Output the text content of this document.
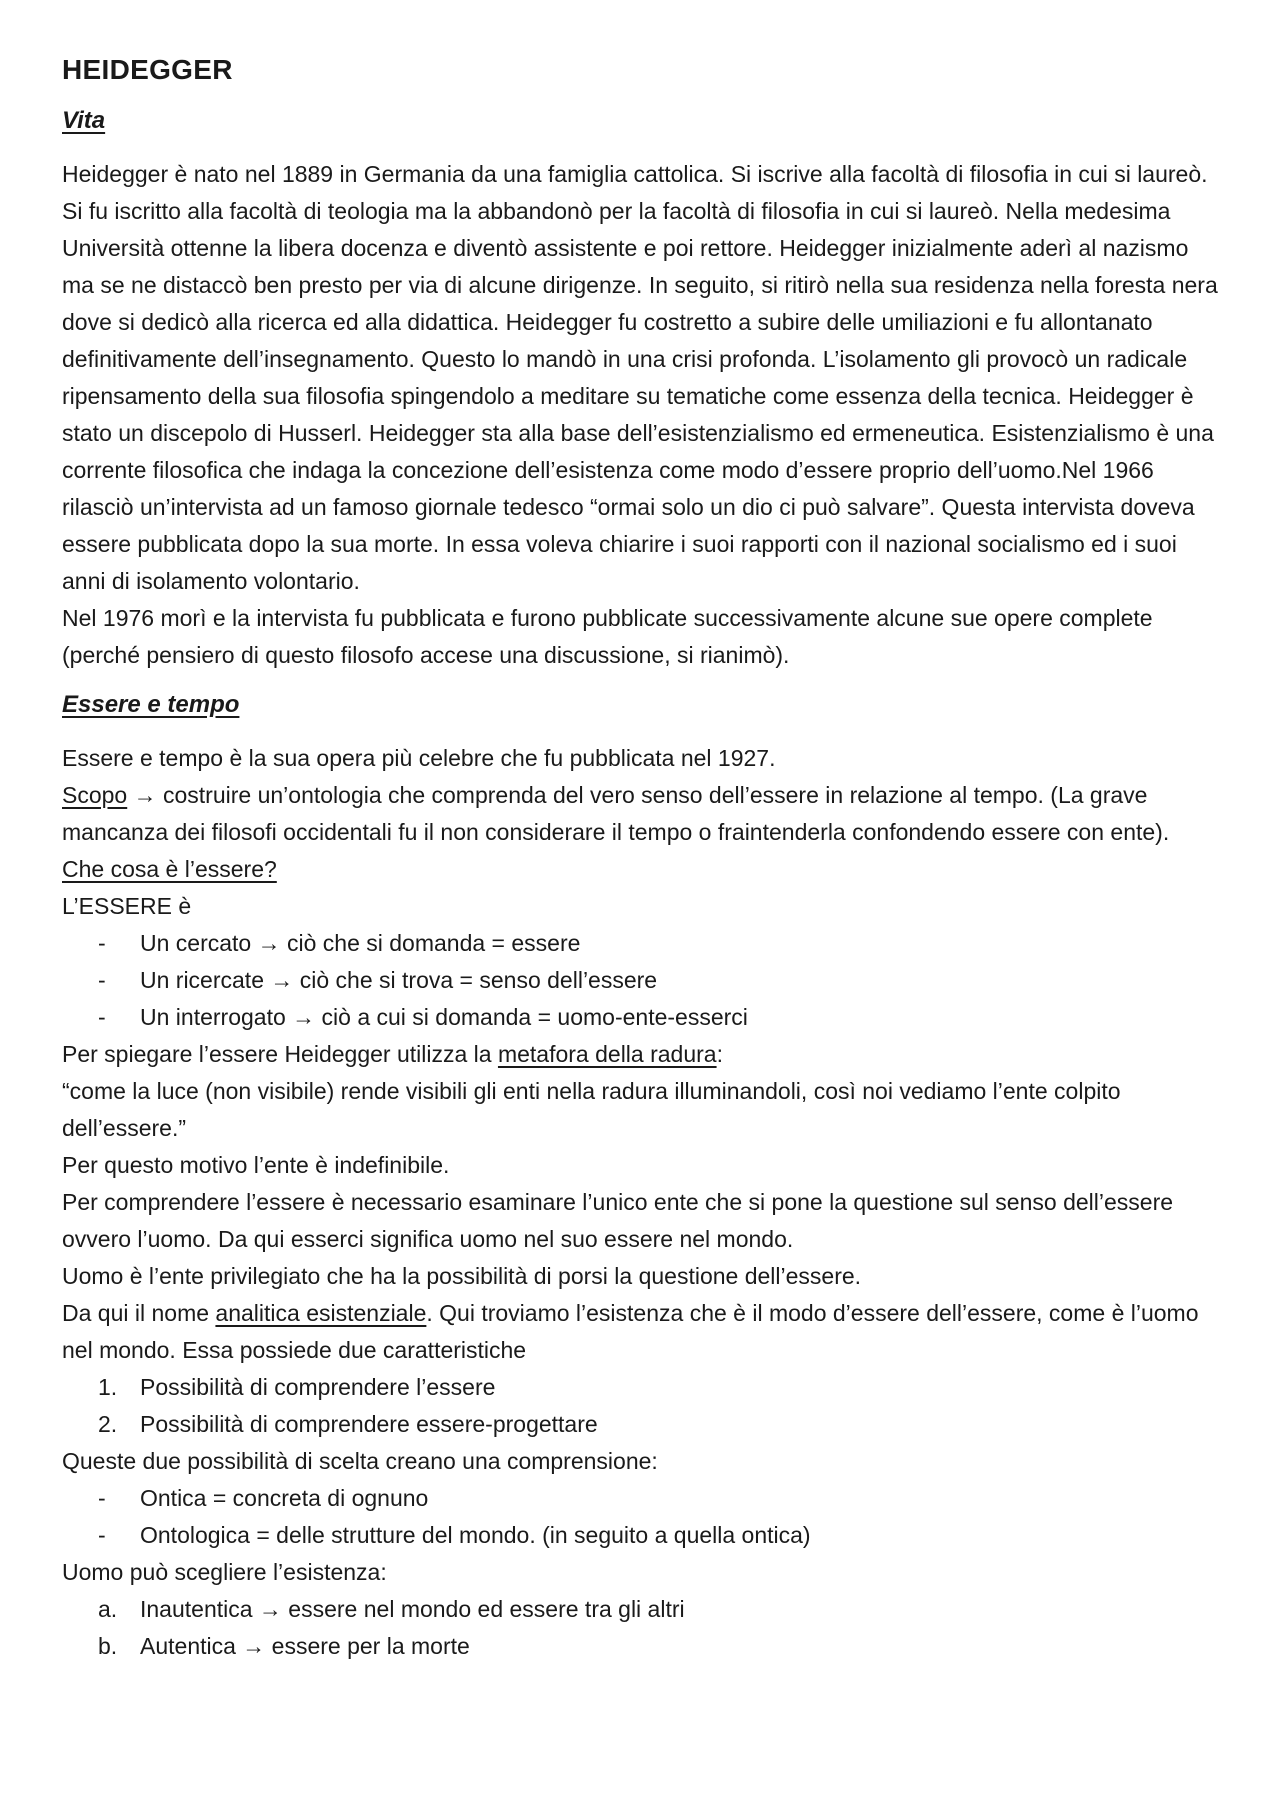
HEIDEGGER
Vita

Heidegger è nato nel 1889 in Germania da una famiglia cattolica. Si iscrive alla facoltà di filosofia in cui si laureò. Si fu iscritto alla facoltà di teologia ma la abbandonò per la facoltà di filosofia in cui si laureò. Nella medesima Università ottenne la libera docenza e diventò assistente e poi rettore. Heidegger inizialmente aderì al nazismo ma se ne distaccò ben presto per via di alcune dirigenze. In seguito, si ritirò nella sua residenza nella foresta nera dove si dedicò alla ricerca ed alla didattica. Heidegger fu costretto a subire delle umiliazioni e fu allontanato definitivamente dell’insegnamento. Questo lo mandò in una crisi profonda. L’isolamento gli provocò un radicale ripensamento della sua filosofia spingendolo a meditare su tematiche come essenza della tecnica. Heidegger è stato un discepolo di Husserl. Heidegger sta alla base dell’esistenzialismo ed ermeneutica. Esistenzialismo è una corrente filosofica che indaga la concezione dell’esistenza come modo d’essere proprio dell’uomo.Nel 1966 rilasciò un’intervista ad un famoso giornale tedesco “ormai solo un dio ci può salvare”. Questa intervista doveva essere pubblicata dopo la sua morte. In essa voleva chiarire i suoi rapporti con il nazional socialismo ed i suoi anni di isolamento volontario.

Nel 1976 morì e la intervista fu pubblicata e furono pubblicate successivamente alcune sue opere complete (perché pensiero di questo filosofo accese una discussione, si rianimò).

Essere e tempo

Essere e tempo è la sua opera più celebre che fu pubblicata nel 1927.

Scopo → costruire un’ontologia che comprenda del vero senso dell’essere in relazione al tempo. (La grave mancanza dei filosofi occidentali fu il non considerare il tempo o fraintenderla confondendo essere con ente).

Che cosa è l’essere?

L’ESSERE è

-	Un cercato → ciò che si domanda = essere
-	Un ricercate → ciò che si trova = senso dell’essere
-	Un interrogato → ciò a cui si domanda = uomo-ente-esserci

Per spiegare l’essere Heidegger utilizza la metafora della radura:

“come la luce (non visibile) rende visibili gli enti nella radura illuminandoli, così noi vediamo l’ente colpito dell’essere.”

Per questo motivo l’ente è indefinibile.

Per comprendere l’essere è necessario esaminare l’unico ente che si pone la questione sul senso dell’essere ovvero l’uomo. Da qui esserci significa uomo nel suo essere nel mondo.

Uomo è l’ente privilegiato che ha la possibilità di porsi la questione dell’essere.

Da qui il nome analitica esistenziale. Qui troviamo l’esistenza che è il modo d’essere dell’essere, come è l’uomo nel mondo. Essa possiede due caratteristiche

1. Possibilità di comprendere l’essere
2. Possibilità di comprendere essere-progettare

Queste due possibilità di scelta creano una comprensione:

-	Ontica = concreta di ognuno
-	Ontologica = delle strutture del mondo. (in seguito a quella ontica)

Uomo può scegliere l’esistenza:

a. Inautentica → essere nel mondo ed essere tra gli altri
b. Autentica → essere per la morte
